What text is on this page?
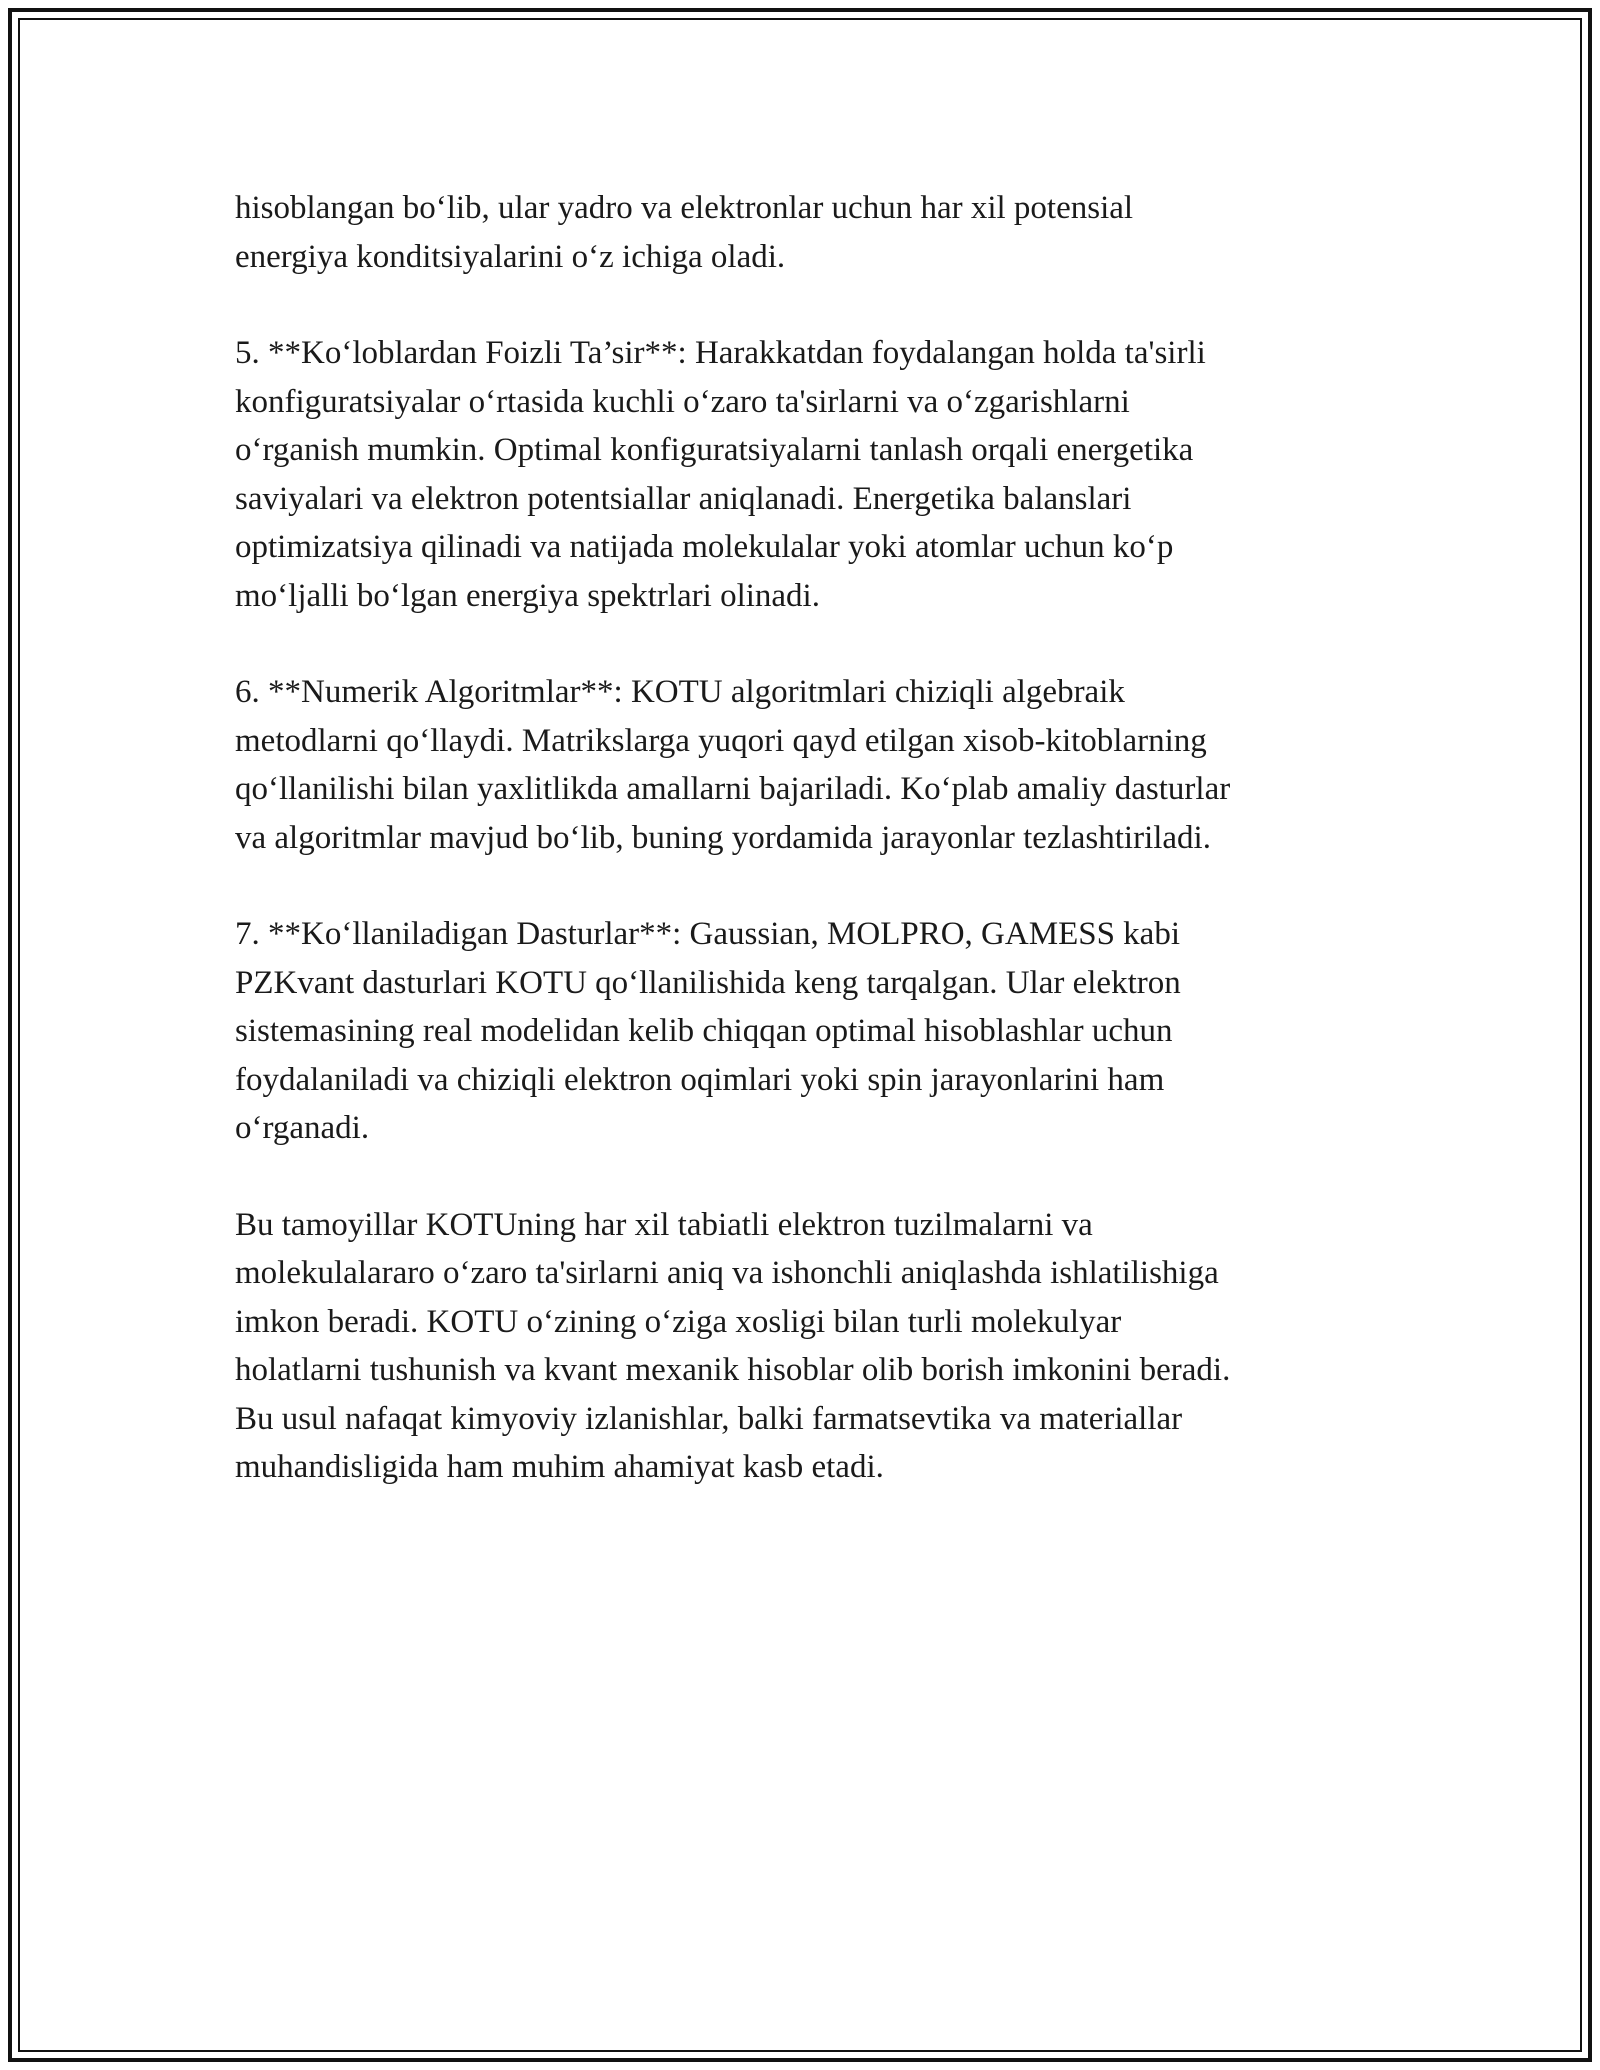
hisoblangan bo‘lib, ular yadro va elektronlar uchun har xil potensial
energiya konditsiyalarini o‘z ichiga oladi.

5. **Ko‘loblardan Foizli Ta’sir**: Harakkatdan foydalangan holda ta'sirli
konfiguratsiyalar o‘rtasida kuchli o‘zaro ta'sirlarni va o‘zgarishlarni
o‘rganish mumkin. Optimal konfiguratsiyalarni tanlash orqali energetika
saviyalari va elektron potentsiallar aniqlanadi. Energetika balanslari
optimizatsiya qilinadi va natijada molekulalar yoki atomlar uchun ko‘p
mo‘ljalli bo‘lgan energiya spektrlari olinadi.

6. **Numerik Algoritmlar**: KOTU algoritmlari chiziqli algebraik
metodlarni qo‘llaydi. Matrikslarga yuqori qayd etilgan xisob-kitoblarning
qo‘llanilishi bilan yaxlitlikda amallarni bajariladi. Ko‘plab amaliy dasturlar
va algoritmlar mavjud bo‘lib, buning yordamida jarayonlar tezlashtiriladi.

7. **Ko‘llaniladigan Dasturlar**: Gaussian, MOLPRO, GAMESS kabi
PZKvant dasturlari KOTU qo‘llanilishida keng tarqalgan. Ular elektron
sistemasining real modelidan kelib chiqqan optimal hisoblashlar uchun
foydalaniladi va chiziqli elektron oqimlari yoki spin jarayonlarini ham
o‘rganadi.

Bu tamoyillar KOTUning har xil tabiatli elektron tuzilmalarni va
molekulalararo o‘zaro ta'sirlarni aniq va ishonchli aniqlashda ishlatilishiga
imkon beradi. KOTU o‘zining o‘ziga xosligi bilan turli molekulyar
holatlarni tushunish va kvant mexanik hisoblar olib borish imkonini beradi.
Bu usul nafaqat kimyoviy izlanishlar, balki farmatsevtika va materiallar
muhandisligida ham muhim ahamiyat kasb etadi.
